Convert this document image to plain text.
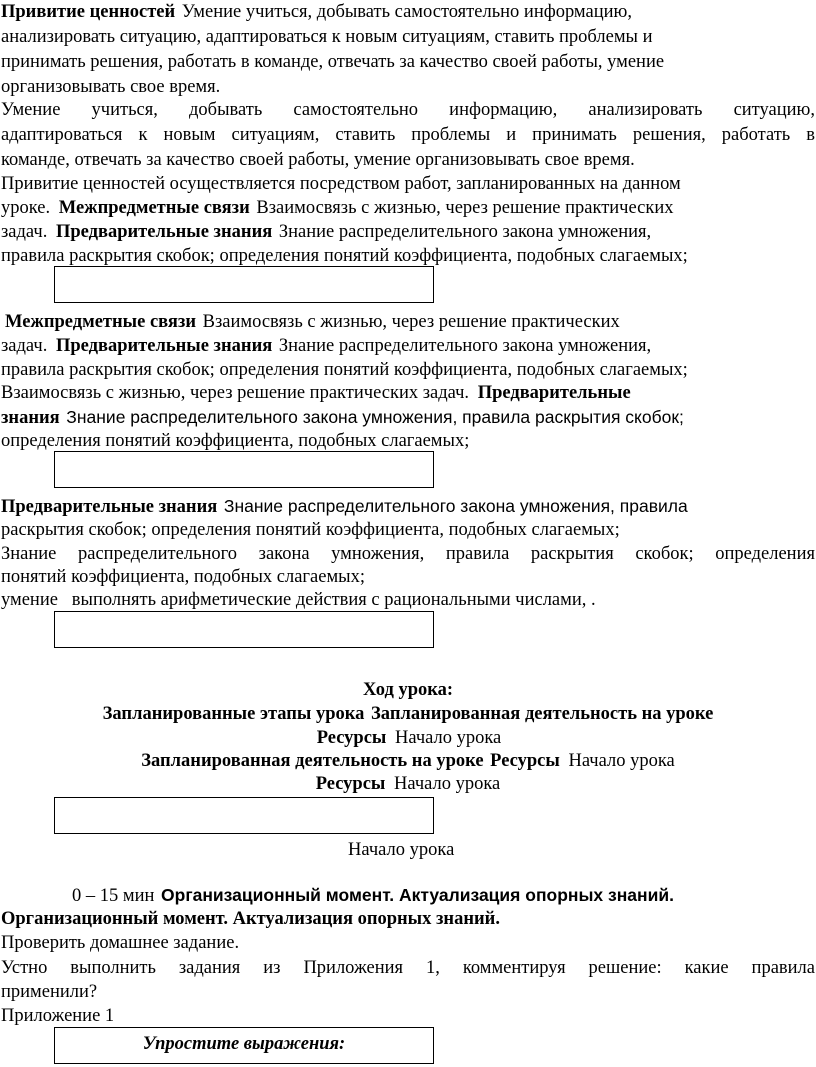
Привитие ценностей Умение учиться, добывать самостоятельно информацию,
анализировать ситуацию, адаптироваться к новым ситуациям, ставить проблемы и
принимать решения, работать в команде, отвечать за качество своей работы, умение
организовывать свое время.
Умение учиться, добывать самостоятельно информацию, анализировать ситуацию,
адаптироваться к новым ситуациям, ставить проблемы и принимать решения, работать в
команде, отвечать за качество своей работы, умение организовывать свое время.
Привитие ценностей осуществляется посредством работ, запланированных на данном
уроке. Межпредметные связи Взаимосвязь с жизнью, через решение практических
задач. Предварительные знания Знание распределительного закона умножения,
правила раскрытия скобок; определения понятий коэффициента, подобных слагаемых;
Межпредметные связи Взаимосвязь с жизнью, через решение практических
задач. Предварительные знания Знание распределительного закона умножения,
правила раскрытия скобок; определения понятий коэффициента, подобных слагаемых;
Взаимосвязь с жизнью, через решение практических задач. Предварительные
знания Знание распределительного закона умножения, правила раскрытия скобок;
определения понятий коэффициента, подобных слагаемых;
Предварительные знания Знание распределительного закона умножения, правила
раскрытия скобок; определения понятий коэффициента, подобных слагаемых;
Знание распределительного закона умножения, правила раскрытия скобок; определения
понятий коэффициента, подобных слагаемых;
умение   выполнять арифметические действия с рациональными числами, .
Ход урока:
Запланированные этапы урока Запланированная деятельность на уроке
Ресурсы Начало урока
Запланированная деятельность на уроке Ресурсы Начало урока
Ресурсы Начало урока
Начало урока
0 – 15 мин Организационный момент. Актуализация опорных знаний.
Организационный момент. Актуализация опорных знаний.
Проверить домашнее задание.
Устно выполнить задания из Приложения 1, комментируя решение: какие правила
применили?
Приложение 1
Упростите выражения:
